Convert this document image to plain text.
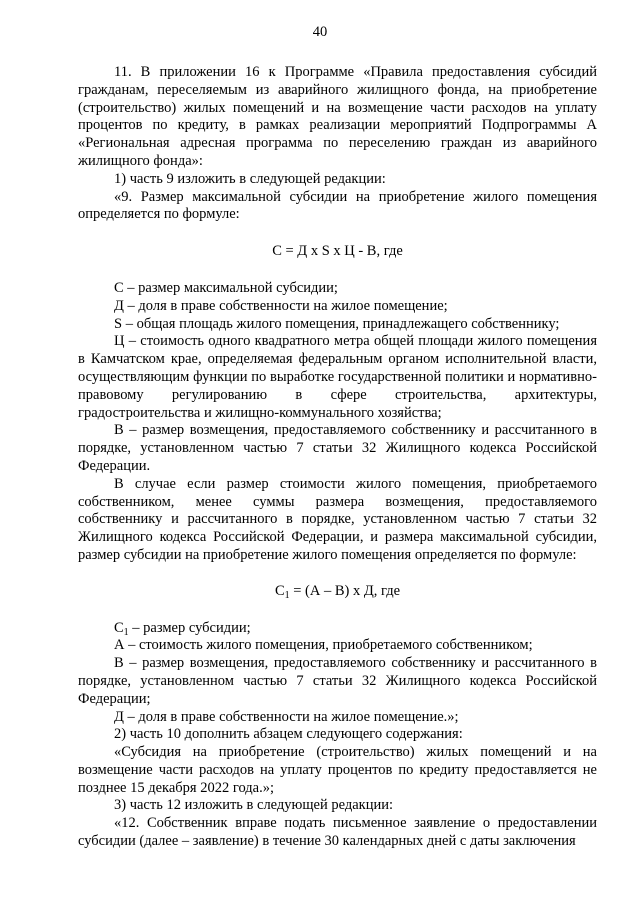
40

11. В приложении 16 к Программе «Правила предоставления субсидий гражданам, переселяемым из аварийного жилищного фонда, на приобретение (строительство) жилых помещений и на возмещение части расходов на уплату процентов по кредиту, в рамках реализации мероприятий Подпрограммы А «Региональная адресная программа по переселению граждан из аварийного жилищного фонда»:

1) часть 9 изложить в следующей редакции:

«9. Размер максимальной субсидии на приобретение жилого помещения определяется по формуле:

С = Д х S х Ц - В, где

С – размер максимальной субсидии;

Д – доля в праве собственности на жилое помещение;

S – общая площадь жилого помещения, принадлежащего собственнику;

Ц – стоимость одного квадратного метра общей площади жилого помещения в Камчатском крае, определяемая федеральным органом исполнительной власти, осуществляющим функции по выработке государственной политики и нормативно-правовому регулированию в сфере строительства, архитектуры, градостроительства и жилищно-коммунального хозяйства;

В – размер возмещения, предоставляемого собственнику и рассчитанного в порядке, установленном частью 7 статьи 32 Жилищного кодекса Российской Федерации.

В случае если размер стоимости жилого помещения, приобретаемого собственником, менее суммы размера возмещения, предоставляемого собственнику и рассчитанного в порядке, установленном частью 7 статьи 32 Жилищного кодекса Российской Федерации, и размера максимальной субсидии, размер субсидии на приобретение жилого помещения определяется по формуле:

$С_1 = (А - В)$ х Д, где

$С_1$ – размер субсидии;

А – стоимость жилого помещения, приобретаемого собственником;

В – размер возмещения, предоставляемого собственнику и рассчитанного в порядке, установленном частью 7 статьи 32 Жилищного кодекса Российской Федерации;

Д – доля в праве собственности на жилое помещение.»;

2) часть 10 дополнить абзацем следующего содержания:

«Субсидия на приобретение (строительство) жилых помещений и на возмещение части расходов на уплату процентов по кредиту предоставляется не позднее 15 декабря 2022 года.»;

3) часть 12 изложить в следующей редакции:

«12. Собственник вправе подать письменное заявление о предоставлении субсидии (далее – заявление) в течение 30 календарных дней с даты заключения
